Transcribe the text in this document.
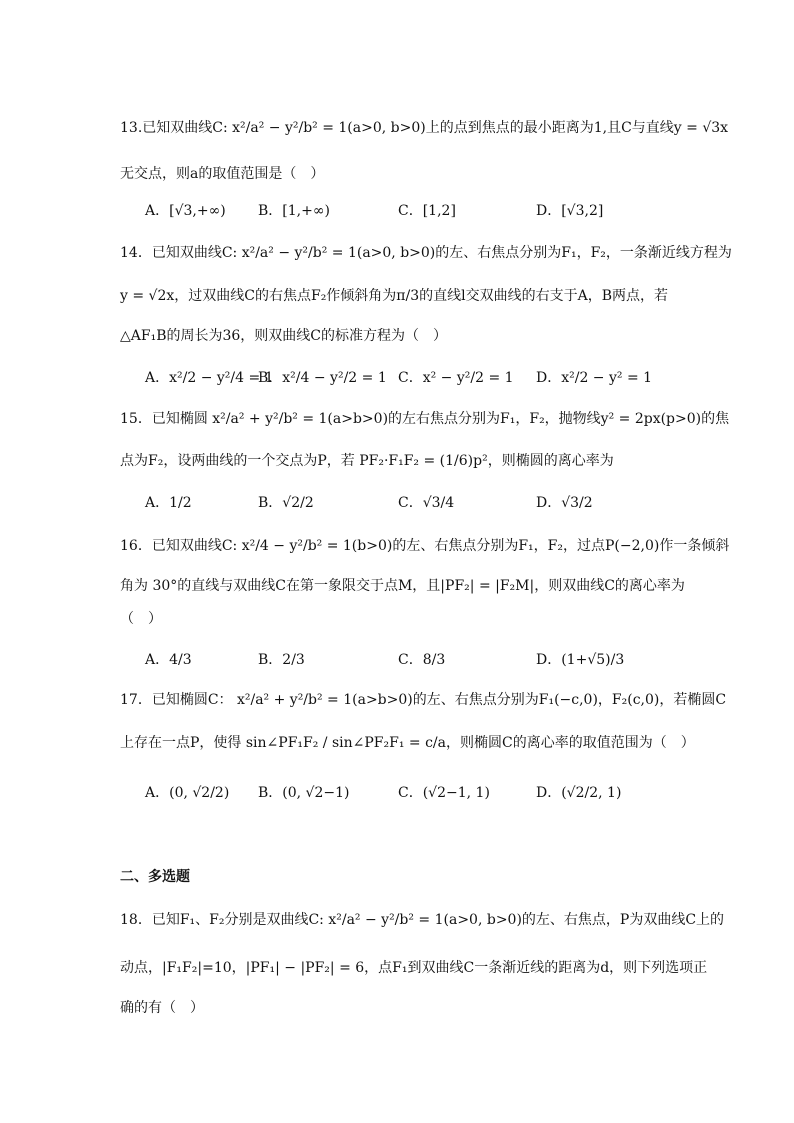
13.已知双曲线C: x²/a² − y²/b² = 1(a>0, b>0)上的点到焦点的最小距离为1,且C与直线y = √3x
无交点，则a的取值范围是（　）
A．[√3,+∞) B．[1,+∞)	C．[1,2]	D．[√3,2]
14．已知双曲线C: x²/a² − y²/b² = 1(a>0, b>0)的左、右焦点分别为F₁，F₂，一条渐近线方程为
y = √2x，过双曲线C的右焦点F₂作倾斜角为π/3的直线l交双曲线的右支于A，B两点，若
△AF₁B的周长为36，则双曲线C的标准方程为（　）
A．x²/2 − y²/4 = 1
B．x²/4 − y²/2 = 1 C．x² − y²/2 = 1 D．x²/2 − y² = 1
15．已知椭圆 x²/a² + y²/b² = 1(a>b>0)的左右焦点分别为F₁，F₂，抛物线y² = 2px(p>0)的焦
点为F₂，设两曲线的一个交点为P，若 PF₂·F₁F₂ = (1/6)p²，则椭圆的离心率为
A．1/2	B．√2/2	C．√3/4	D．√3/2
16．已知双曲线C: x²/4 − y²/b² = 1(b>0)的左、右焦点分别为F₁，F₂，过点P(−2,0)作一条倾斜
角为 30°的直线与双曲线C在第一象限交于点M，且|PF₂| = |F₂M|，则双曲线C的离心率为
（　）
A．4/3	B．2/3	C．8/3	D．(1+√5)/3
17．已知椭圆C： x²/a² + y²/b² = 1(a>b>0)的左、右焦点分别为F₁(−c,0)，F₂(c,0)，若椭圆C
上存在一点P，使得 sin∠PF₁F₂ / sin∠PF₂F₁ = c/a，则椭圆C的离心率的取值范围为（　）
A．(0, √2/2) B．(0, √2−1)	C．(√2−1, 1)	D．(√2/2, 1)
二、多选题
18．已知F₁、F₂分别是双曲线C: x²/a² − y²/b² = 1(a>0, b>0)的左、右焦点，P为双曲线C上的
动点，|F₁F₂|=10，|PF₁| − |PF₂| = 6，点F₁到双曲线C一条渐近线的距离为d，则下列选项正
确的有（　）
